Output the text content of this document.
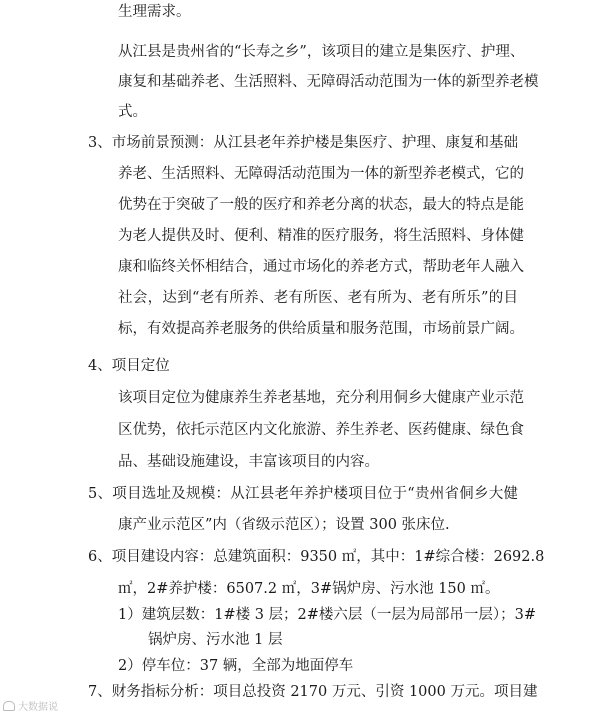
生理需求。
从江县是贵州省的“长寿之乡”，该项目的建立是集医疗、护理、
康复和基础养老、生活照料、无障碍活动范围为一体的新型养老模
式。
3、市场前景预测：从江县老年养护楼是集医疗、护理、康复和基础
养老、生活照料、无障碍活动范围为一体的新型养老模式，它的
优势在于突破了一般的医疗和养老分离的状态，最大的特点是能
为老人提供及时、便利、精准的医疗服务，将生活照料、身体健
康和临终关怀相结合，通过市场化的养老方式，帮助老年人融入
社会，达到“老有所养、老有所医、老有所为、老有所乐”的目
标，有效提高养老服务的供给质量和服务范围，市场前景广阔。
4、项目定位
该项目定位为健康养生养老基地，充分利用侗乡大健康产业示范
区优势，依托示范区内文化旅游、养生养老、医药健康、绿色食
品、基础设施建设，丰富该项目的内容。
5、项目选址及规模：从江县老年养护楼项目位于“贵州省侗乡大健
康产业示范区”内（省级示范区）；设置 300 张床位.
6、项目建设内容：总建筑面积：9350 ㎡，其中：1#综合楼：2692.8
㎡，2#养护楼：6507.2 ㎡，3#锅炉房、污水池 150 ㎡。
1）建筑层数：1#楼 3 层；2#楼六层（一层为局部吊一层）；3#
锅炉房、污水池 1 层
2）停车位：37 辆，全部为地面停车
7、财务指标分析：项目总投资 2170 万元、引资 1000 万元。项目建
大数据说
